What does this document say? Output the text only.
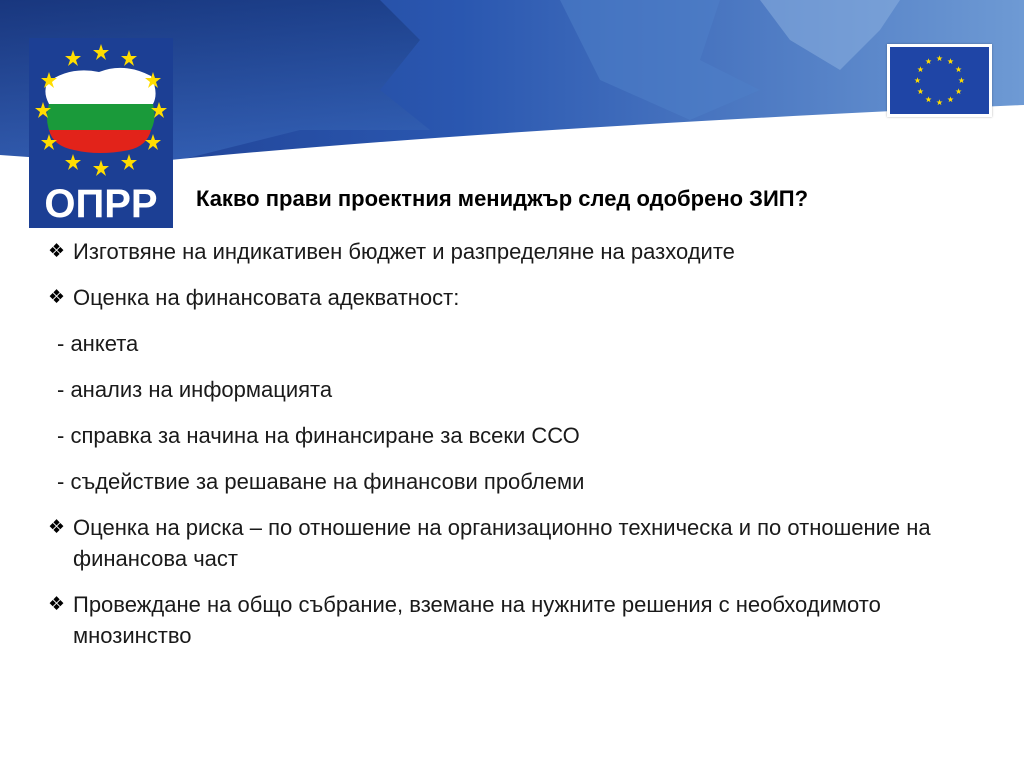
ОПРР	Какво прави проектния мениджър след одобрено ЗИП?
❖ Изготвяне на индикативен бюджет и разпределяне на разходите
❖ Оценка на финансовата адекватност:
- анкета
- анализ на информацията
- справка за начина на финансиране за всеки ССО
- съдействие за решаване на финансови проблеми
❖ Оценка на риска – по отношение на организационно техническа и по отношение на финансова част
❖ Провеждане на общо събрание, вземане на нужните решения с необходимото мнозинство
